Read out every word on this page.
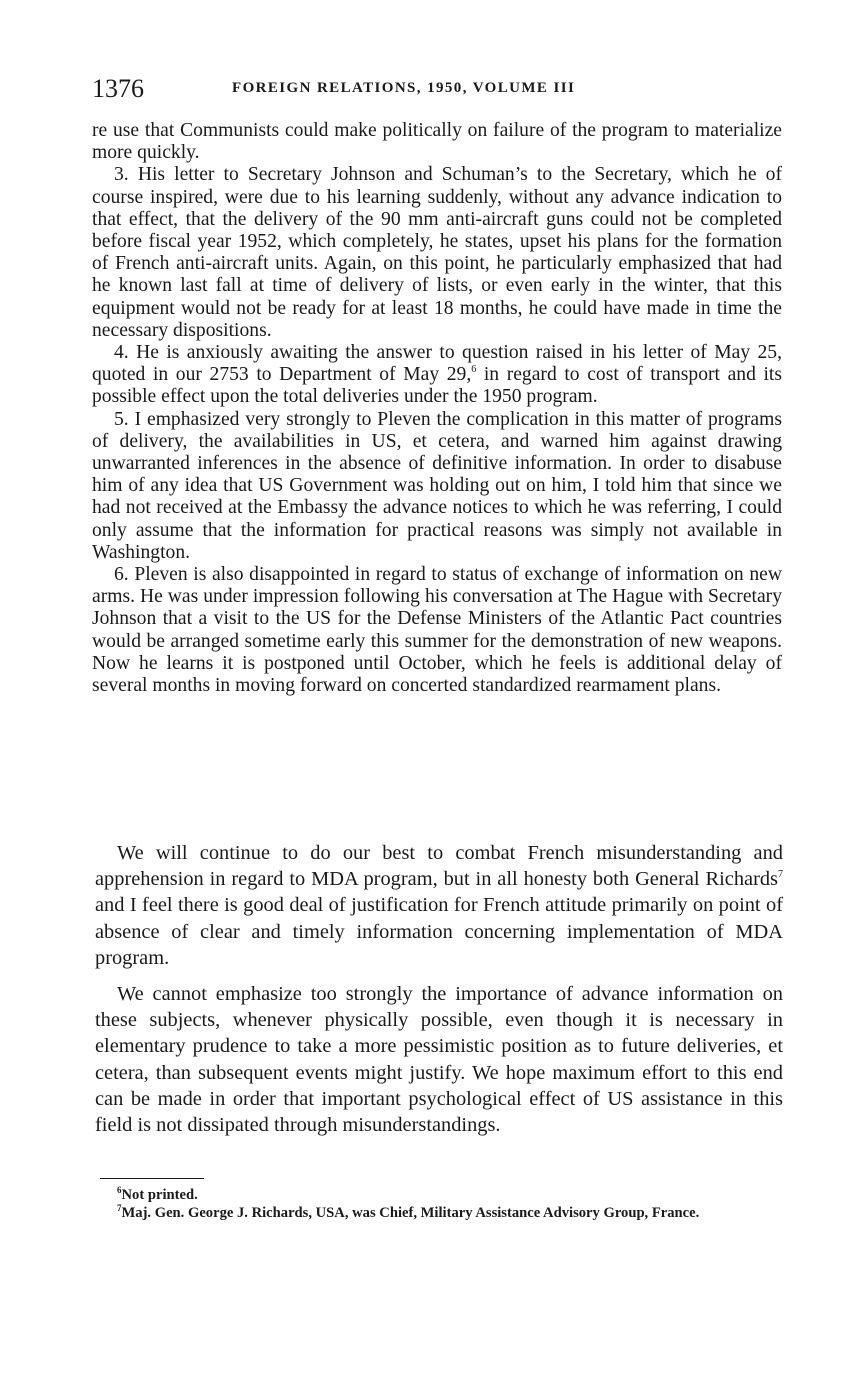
1376	FOREIGN RELATIONS, 1950, VOLUME III

re use that Communists could make politically on failure of the program to materialize more quickly.

3. His letter to Secretary Johnson and Schuman’s to the Secretary, which he of course inspired, were due to his learning suddenly, without any advance indication to that effect, that the delivery of the 90 mm anti-aircraft guns could not be completed before fiscal year 1952, which completely, he states, upset his plans for the formation of French anti-aircraft units. Again, on this point, he particularly emphasized that had he known last fall at time of delivery of lists, or even early in the winter, that this equipment would not be ready for at least 18 months, he could have made in time the necessary dispositions.

4. He is anxiously awaiting the answer to question raised in his letter of May 25, quoted in our 2753 to Department of May 29,$^6$ in regard to cost of transport and its possible effect upon the total deliveries under the 1950 program.

5. I emphasized very strongly to Pleven the complication in this matter of programs of delivery, the availabilities in US, et cetera, and warned him against drawing unwarranted inferences in the absence of definitive information. In order to disabuse him of any idea that US Government was holding out on him, I told him that since we had not received at the Embassy the advance notices to which he was referring, I could only assume that the information for practical reasons was simply not available in Washington.

6. Pleven is also disappointed in regard to status of exchange of information on new arms. He was under impression following his conversation at The Hague with Secretary Johnson that a visit to the US for the Defense Ministers of the Atlantic Pact countries would be arranged sometime early this summer for the demonstration of new weapons. Now he learns it is postponed until October, which he feels is additional delay of several months in moving forward on concerted standardized rearmament plans.

We will continue to do our best to combat French misunderstanding and apprehension in regard to MDA program, but in all honesty both General Richards$^7$ and I feel there is good deal of justification for French attitude primarily on point of absence of clear and timely information concerning implementation of MDA program.

We cannot emphasize too strongly the importance of advance information on these subjects, whenever physically possible, even though it is necessary in elementary prudence to take a more pessimistic position as to future deliveries, et cetera, than subsequent events might justify. We hope maximum effort to this end can be made in order that important psychological effect of US assistance in this field is not dissipated through misunderstandings.

$^6$Not printed.

$^7$Maj. Gen. George J. Richards, USA, was Chief, Military Assistance Advisory Group, France.
